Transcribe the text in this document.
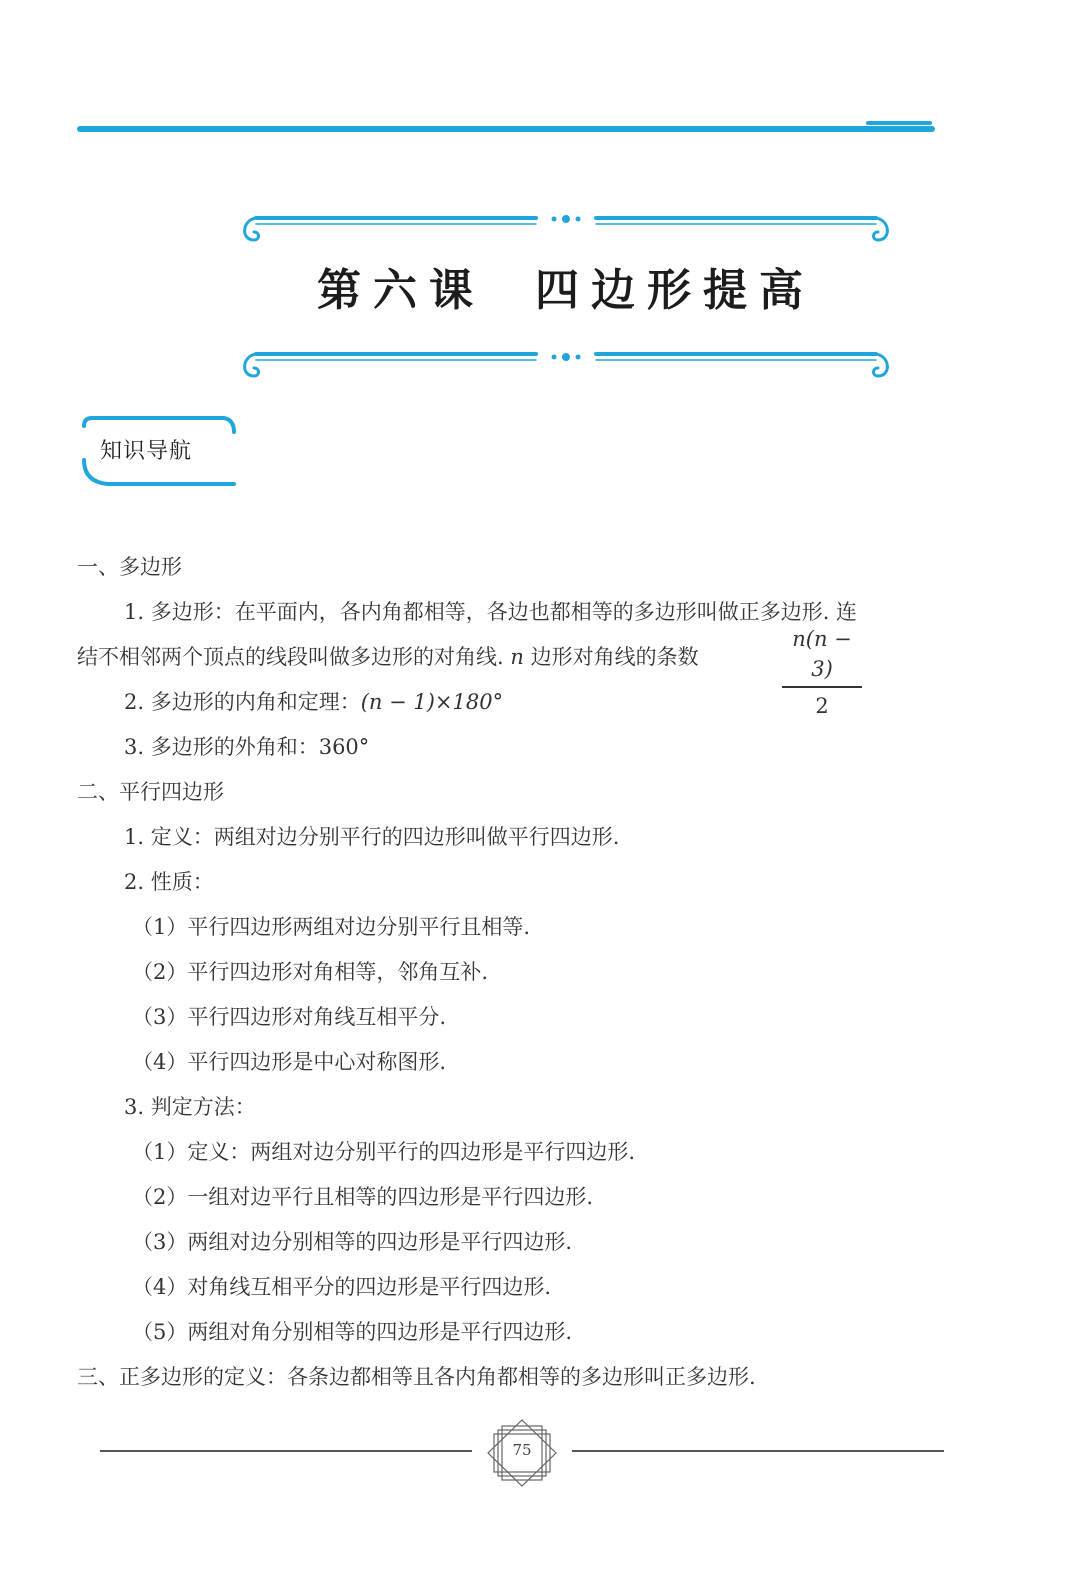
第六课 四边形提高
知识导航
一、多边形
1. 多边形：在平面内，各内角都相等，各边也都相等的多边形叫做正多边形. 连
结不相邻两个顶点的线段叫做多边形的对角线. n 边形对角线的条数
n(n − 3)
2
2. 多边形的内角和定理：(n − 1)×180°
3. 多边形的外角和：360°
二、平行四边形
1. 定义：两组对边分别平行的四边形叫做平行四边形.
2. 性质：
（1）平行四边形两组对边分别平行且相等.
（2）平行四边形对角相等，邻角互补.
（3）平行四边形对角线互相平分.
（4）平行四边形是中心对称图形.
3. 判定方法：
（1）定义：两组对边分别平行的四边形是平行四边形.
（2）一组对边平行且相等的四边形是平行四边形.
（3）两组对边分别相等的四边形是平行四边形.
（4）对角线互相平分的四边形是平行四边形.
（5）两组对角分别相等的四边形是平行四边形.
三、正多边形的定义：各条边都相等且各内角都相等的多边形叫正多边形.
75
